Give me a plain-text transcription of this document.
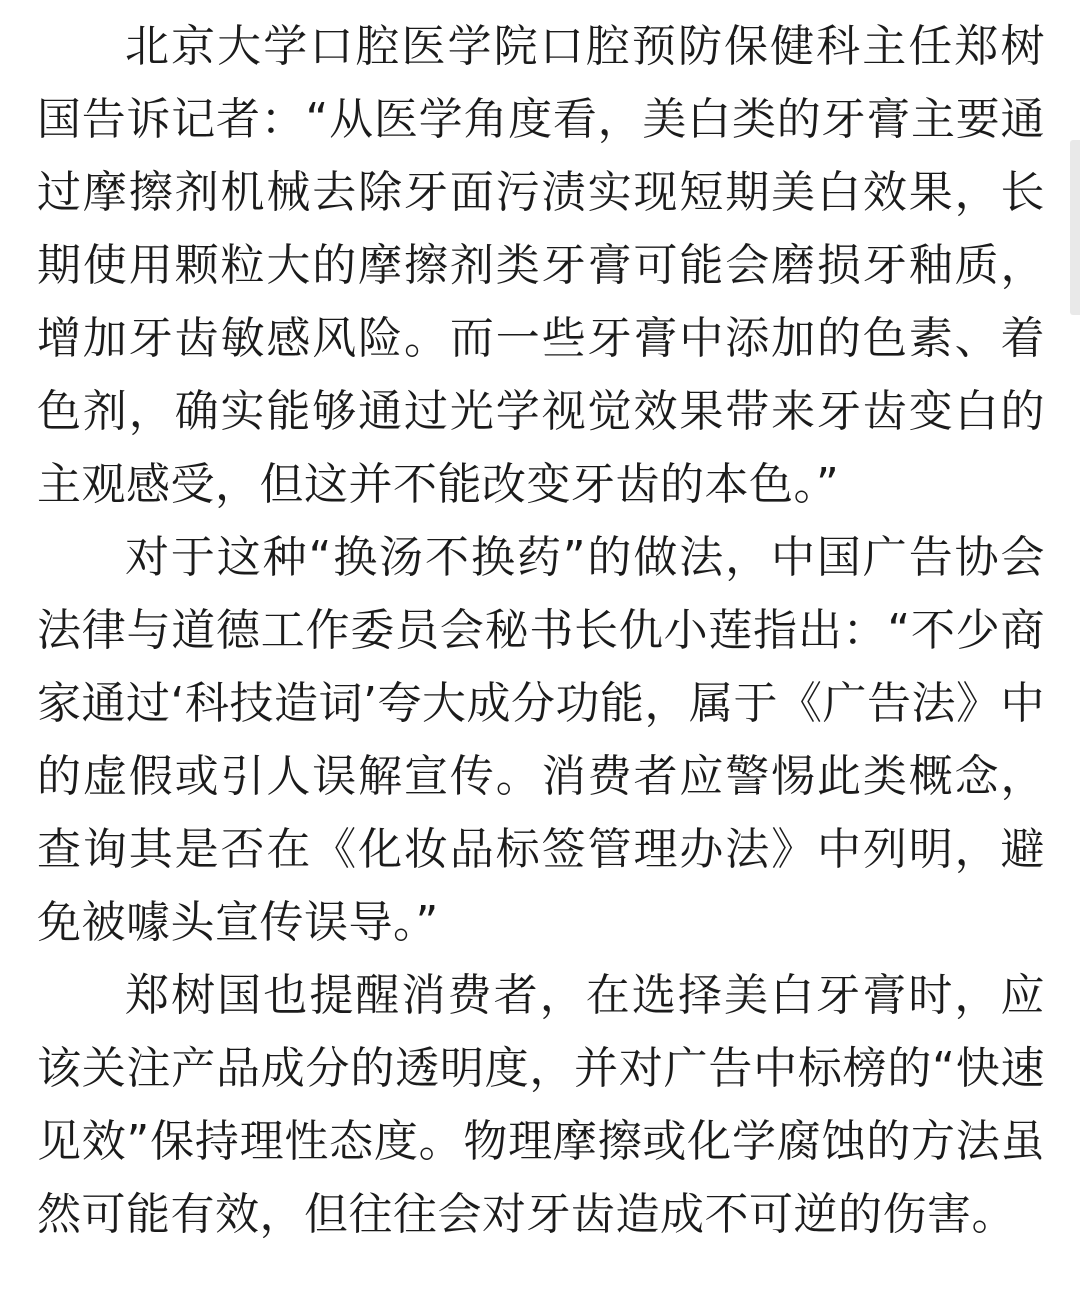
北京大学口腔医学院口腔预防保健科主任郑树国告诉记者：“从医学角度看，美白类的牙膏主要通过摩擦剂机械去除牙面污渍实现短期美白效果，长期使用颗粒大的摩擦剂类牙膏可能会磨损牙釉质，增加牙齿敏感风险。而一些牙膏中添加的色素、着色剂，确实能够通过光学视觉效果带来牙齿变白的主观感受，但这并不能改变牙齿的本色。”

对于这种“换汤不换药”的做法，中国广告协会法律与道德工作委员会秘书长仇小莲指出：“不少商家通过‘科技造词’夸大成分功能，属于《广告法》中的虚假或引人误解宣传。消费者应警惕此类概念，查询其是否在《化妆品标签管理办法》中列明，避免被噱头宣传误导。”

郑树国也提醒消费者，在选择美白牙膏时，应该关注产品成分的透明度，并对广告中标榜的“快速见效”保持理性态度。物理摩擦或化学腐蚀的方法虽然可能有效，但往往会对牙齿造成不可逆的伤害。
